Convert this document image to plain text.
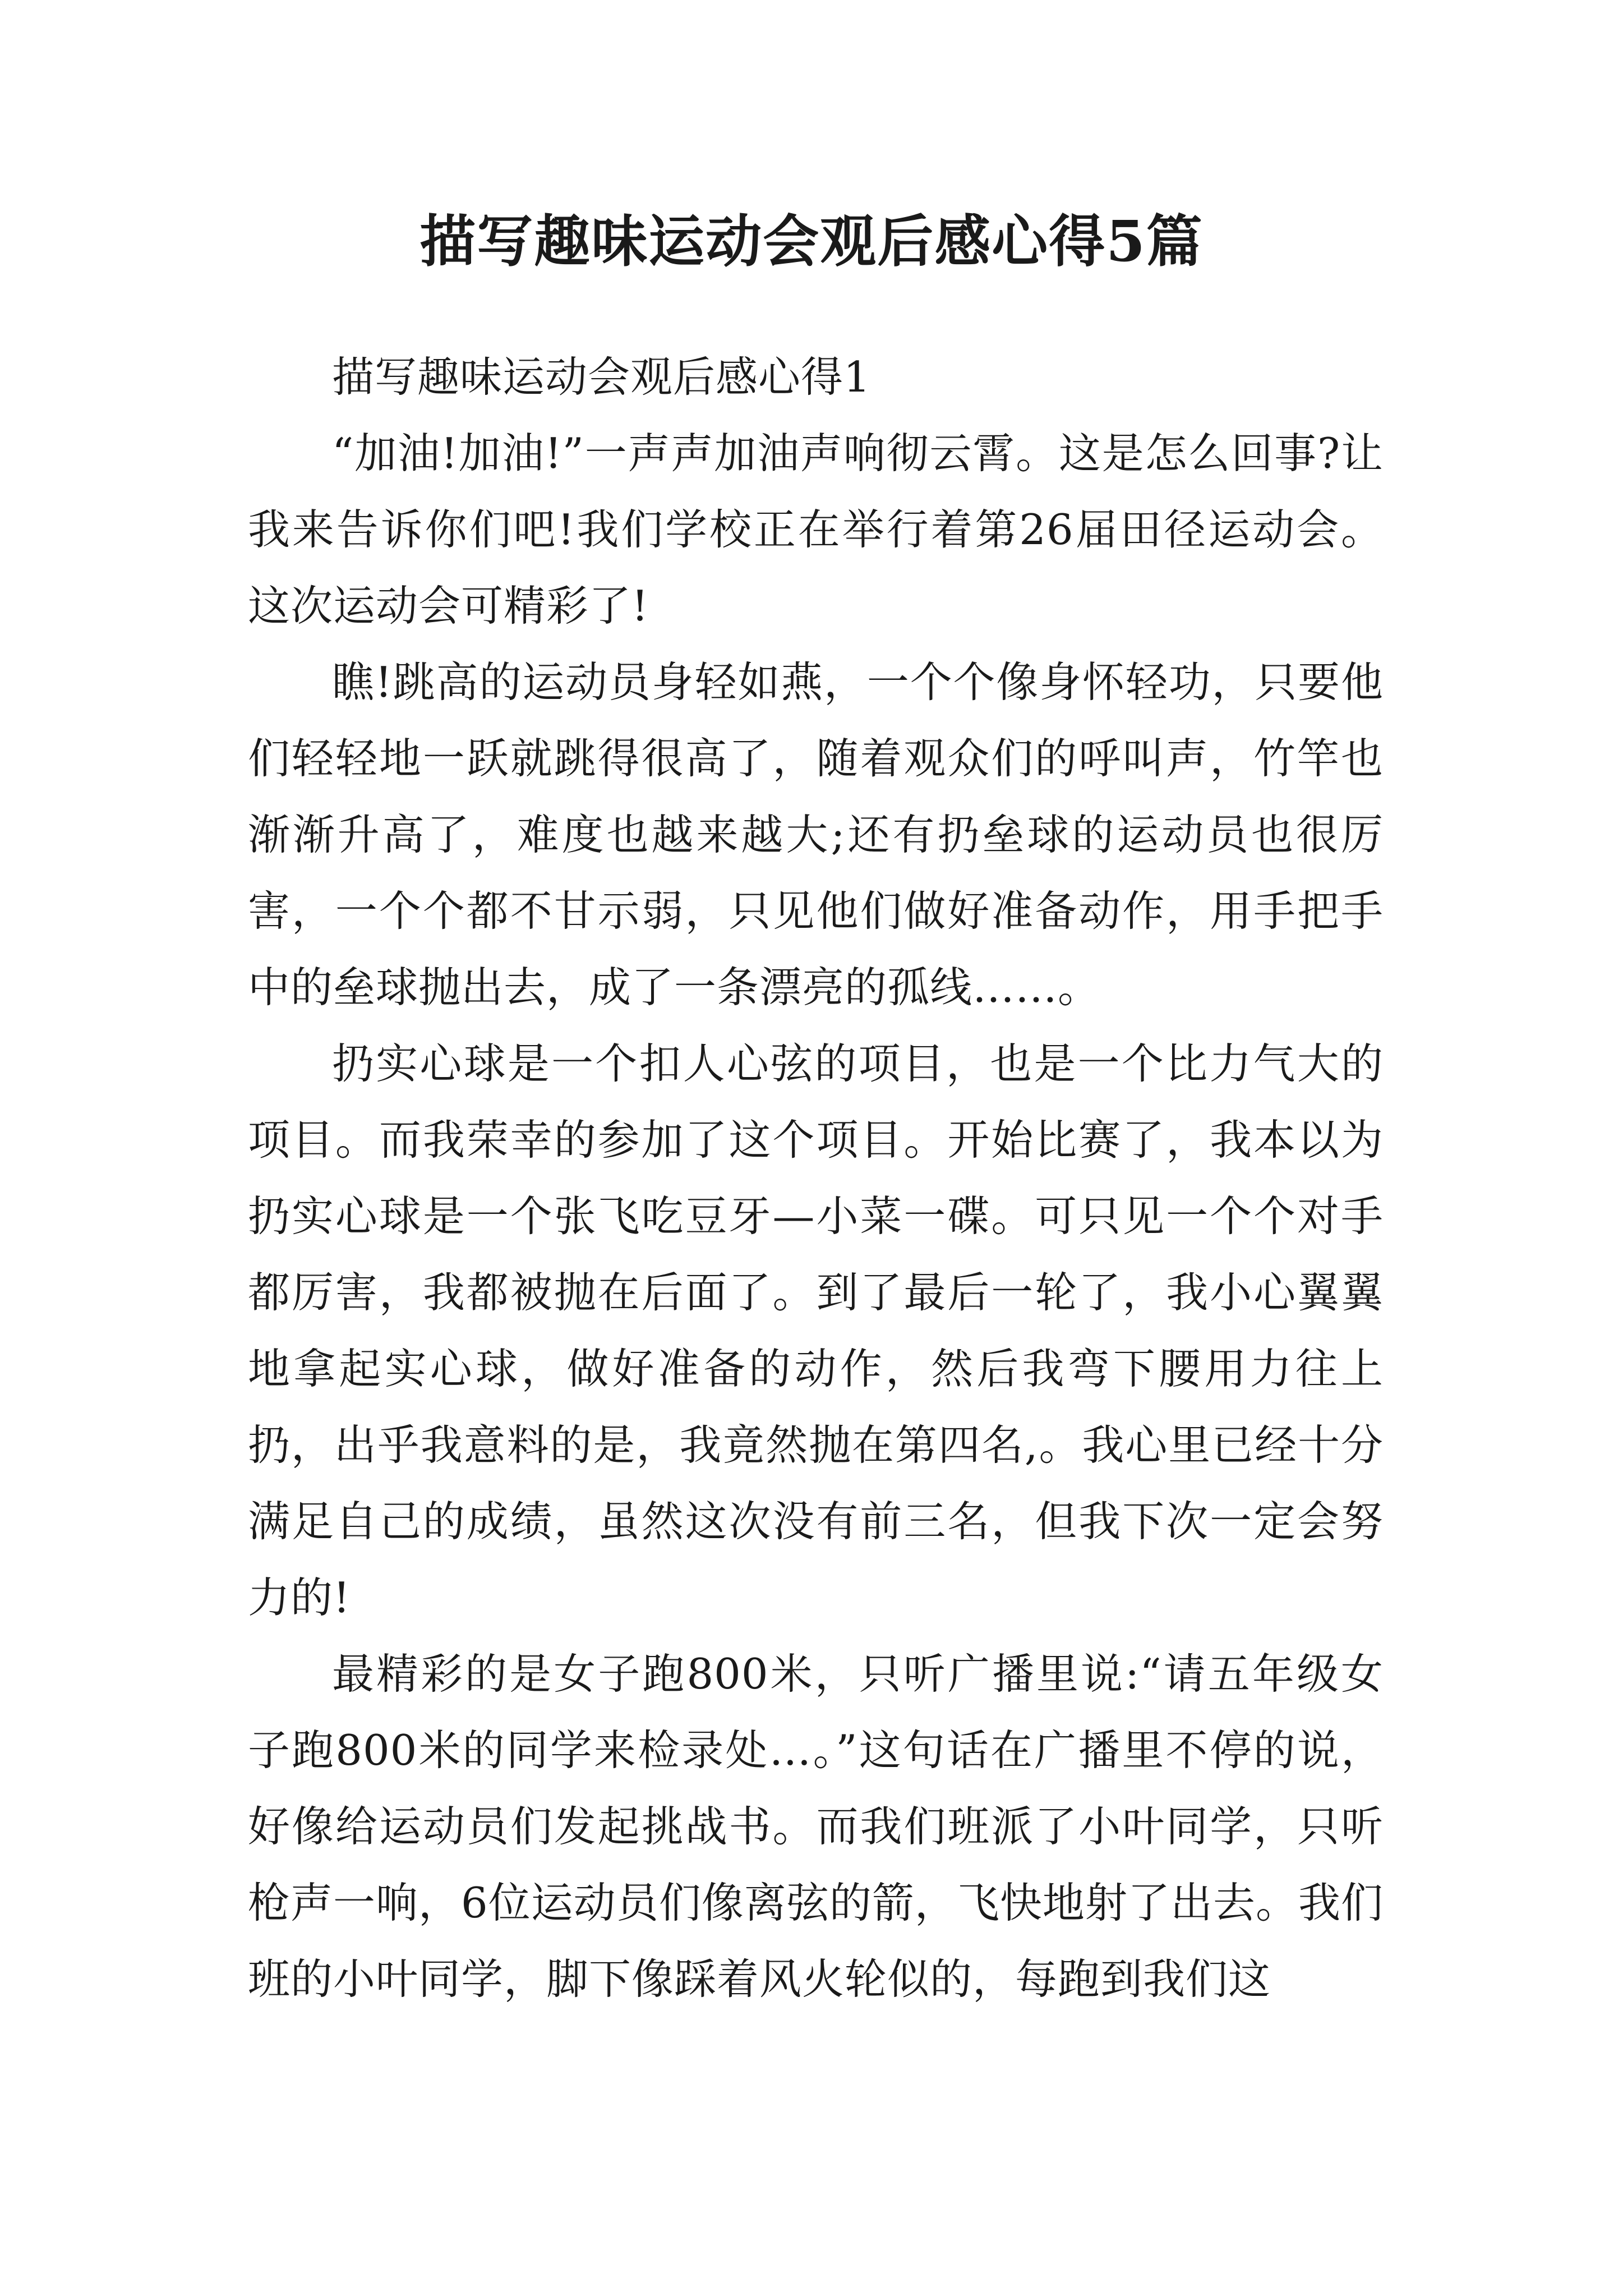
描写趣味运动会观后感心得5篇

描写趣味运动会观后感心得1

“加油!加油!”一声声加油声响彻云霄。这是怎么回事?让我来告诉你们吧!我们学校正在举行着第26届田径运动会。这次运动会可精彩了!

瞧!跳高的运动员身轻如燕，一个个像身怀轻功，只要他们轻轻地一跃就跳得很高了，随着观众们的呼叫声，竹竿也渐渐升高了，难度也越来越大;还有扔垒球的运动员也很厉害，一个个都不甘示弱，只见他们做好准备动作，用手把手中的垒球抛出去，成了一条漂亮的孤线……。

扔实心球是一个扣人心弦的项目，也是一个比力气大的项目。而我荣幸的参加了这个项目。开始比赛了，我本以为扔实心球是一个张飞吃豆牙—小菜一碟。可只见一个个对手都厉害，我都被抛在后面了。到了最后一轮了，我小心翼翼地拿起实心球，做好准备的动作，然后我弯下腰用力往上扔，出乎我意料的是，我竟然抛在第四名,。我心里已经十分满足自己的成绩，虽然这次没有前三名，但我下次一定会努力的!

最精彩的是女子跑800米，只听广播里说:“请五年级女子跑800米的同学来检录处…。”这句话在广播里不停的说，好像给运动员们发起挑战书。而我们班派了小叶同学，只听枪声一响，6位运动员们像离弦的箭，飞快地射了出去。我们班的小叶同学，脚下像踩着风火轮似的，每跑到我们这
